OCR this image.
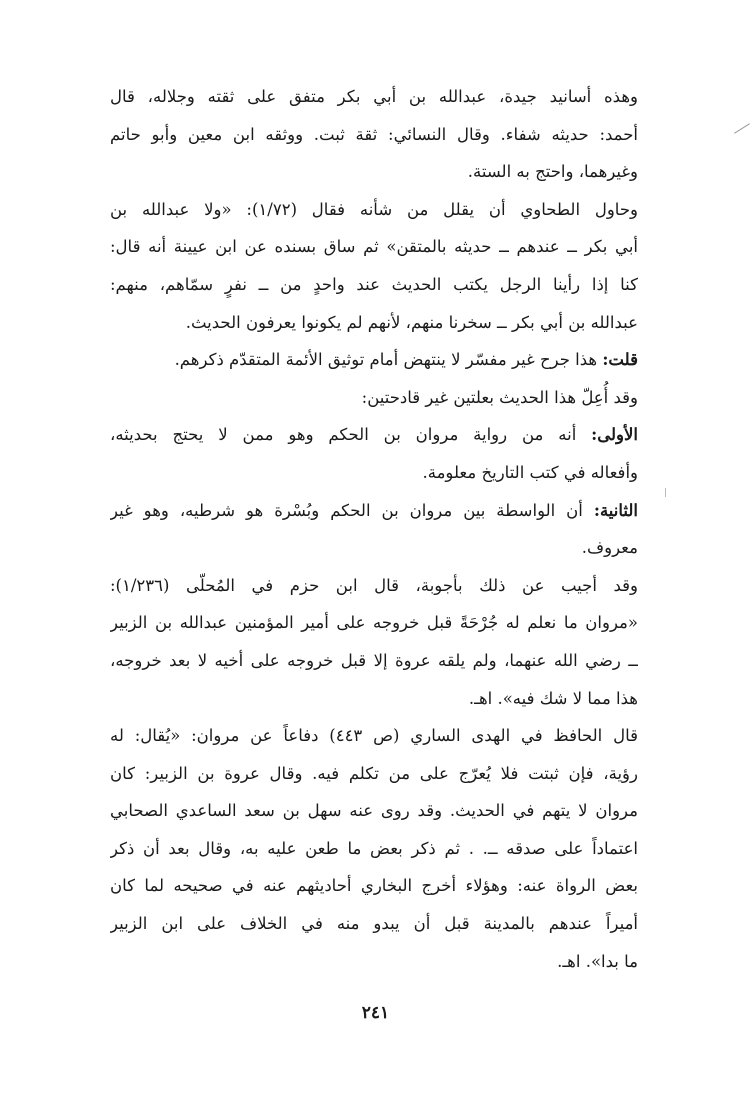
وهذه أسانيد جيدة، عبدالله بن أبي بكر متفق على ثقته وجلاله، قال
أحمد: حديثه شفاء. وقال النسائي: ثقة ثبت. ووثقه ابن معين وأبو حاتم
وغيرهما، واحتج به الستة.
وحاول الطحاوي أن يقلل من شأنه فقال (١/٧٢): «ولا عبدالله بن
أبي بكر ــ عندهم ــ حديثه بالمتقن» ثم ساق بسنده عن ابن عيينة أنه قال:
كنا إذا رأينا الرجل يكتب الحديث عند واحدٍ من ــ نفرٍ سمّاهم، منهم:
عبدالله بن أبي بكر ــ سخرنا منهم، لأنهم لم يكونوا يعرفون الحديث.
قلت: هذا جرح غير مفسّر لا ينتهض أمام توثيق الأئمة المتقدّم ذكرهم.
وقد أُعِلّ هذا الحديث بعلتين غير قادحتين:
الأولى: أنه من رواية مروان بن الحكم وهو ممن لا يحتج بحديثه،
وأفعاله في كتب التاريخ معلومة.
الثانية: أن الواسطة بين مروان بن الحكم وبُسْرة هو شرطيه، وهو غير
معروف.
وقد أجيب عن ذلك بأجوبة، قال ابن حزم في المُحلّى (١/٢٣٦):
«مروان ما نعلم له جُرْحَةً قبل خروجه على أمير المؤمنين عبدالله بن الزبير
ــ رضي الله عنهما، ولم يلقه عروة إلا قبل خروجه على أخيه لا بعد خروجه،
هذا مما لا شك فيه». اهـ.
قال الحافظ في الهدى الساري (ص ٤٤٣) دفاعاً عن مروان: «يُقال: له
رؤية، فإن ثبتت فلا يُعرّج على من تكلم فيه. وقال عروة بن الزبير: كان
مروان لا يتهم في الحديث. وقد روى عنه سهل بن سعد الساعدي الصحابي
اعتماداً على صدقه ــ. . ثم ذكر بعض ما طعن عليه به، وقال بعد أن ذكر
بعض الرواة عنه: وهؤلاء أخرج البخاري أحاديثهم عنه في صحيحه لما كان
أميراً عندهم بالمدينة قبل أن يبدو منه في الخلاف على ابن الزبير
ما بدا». اهـ.
٢٤١
